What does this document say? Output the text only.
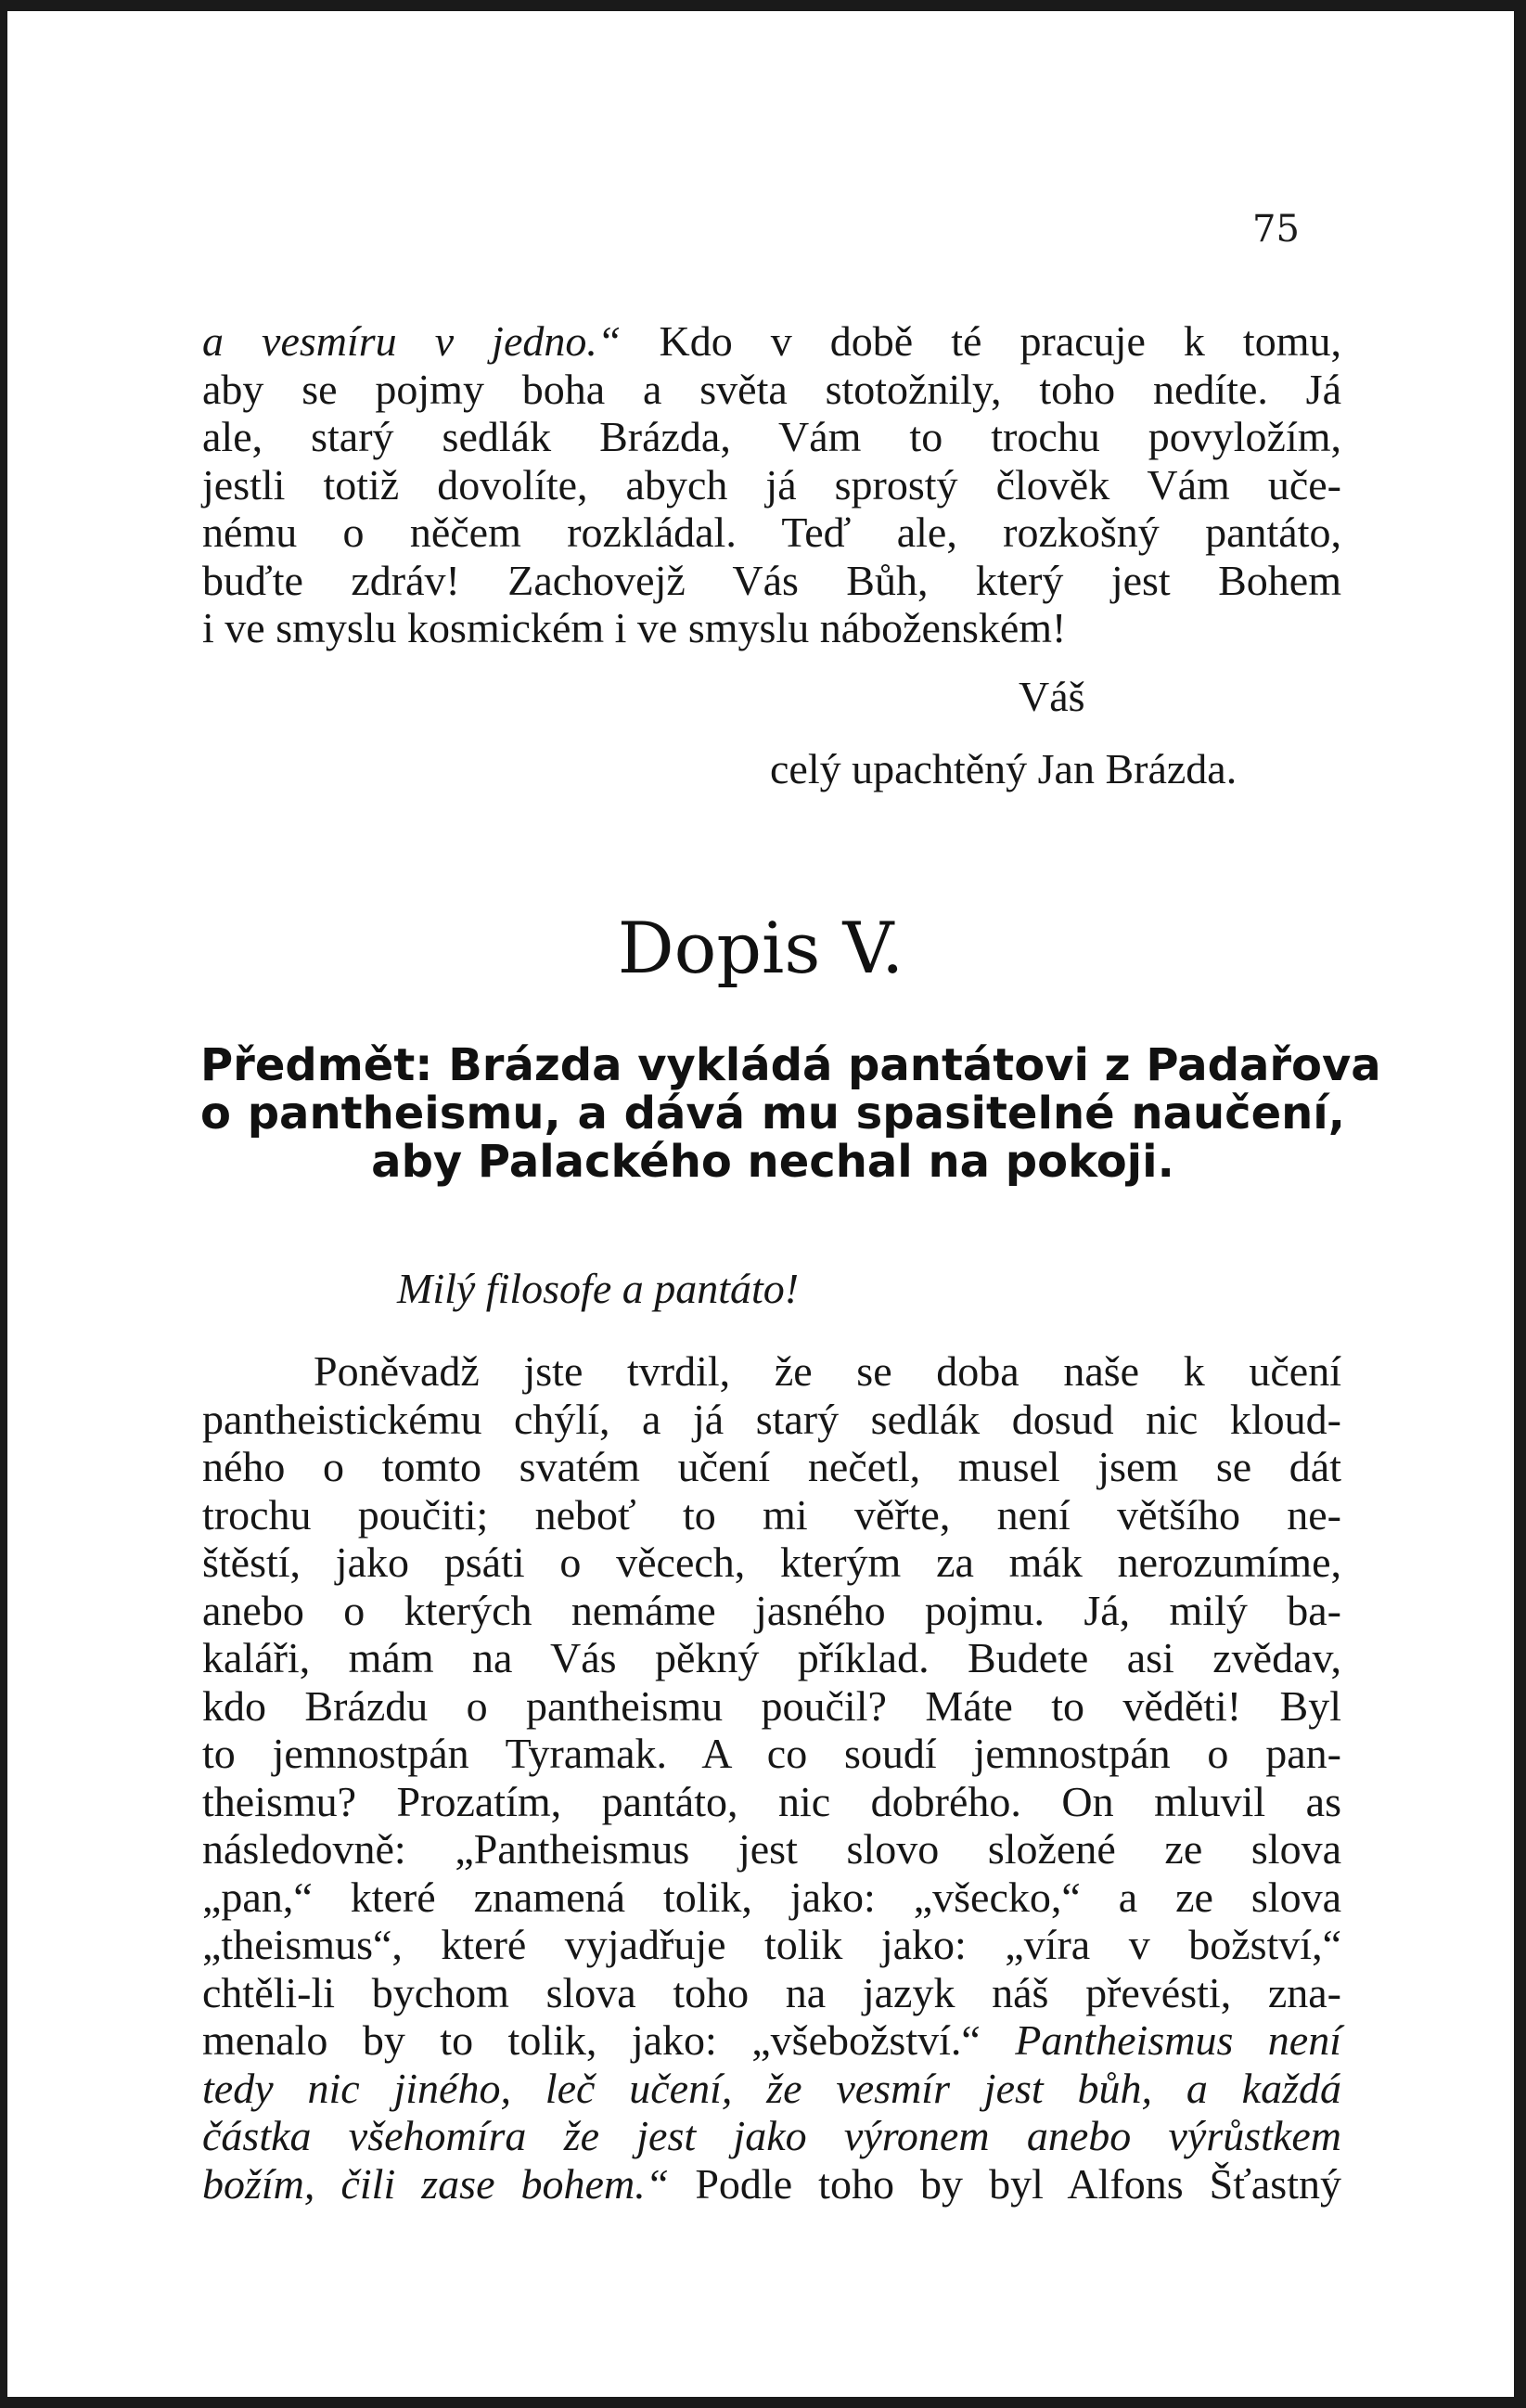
75
a vesmíru v jedno.“ Kdo v době té pracuje k tomu,
aby se pojmy boha a světa stotožnily, toho nedíte. Já
ale, starý sedlák Brázda, Vám to trochu povyložím,
jestli totiž dovolíte, abych já sprostý člověk Vám uče-
nému o něčem rozkládal. Teď ale, rozkošný pantáto,
buďte zdráv! Zachovejž Vás Bůh, který jest Bohem
i ve smyslu kosmickém i ve smyslu náboženském!
Váš
celý upachtěný Jan Brázda.
Dopis V.
Předmět: Brázda vykládá pantátovi z Padařova
o pantheismu, a dává mu spasitelné naučení,
aby Palackého nechal na pokoji.
Milý filosofe a pantáto!
Poněvadž jste tvrdil, že se doba naše k učení
pantheistickému chýlí, a já starý sedlák dosud nic kloud-
ného o tomto svatém učení nečetl, musel jsem se dát
trochu poučiti; neboť to mi věřte, není většího ne-
štěstí, jako psáti o věcech, kterým za mák nerozumíme,
anebo o kterých nemáme jasného pojmu. Já, milý ba-
kaláři, mám na Vás pěkný příklad. Budete asi zvědav,
kdo Brázdu o pantheismu poučil? Máte to věděti! Byl
to jemnostpán Tyramak. A co soudí jemnostpán o pan-
theismu? Prozatím, pantáto, nic dobrého. On mluvil as
následovně: „Pantheismus jest slovo složené ze slova
„pan,“ které znamená tolik, jako: „všecko,“ a ze slova
„theismus“, které vyjadřuje tolik jako: „víra v božství,“
chtěli-li bychom slova toho na jazyk náš převésti, zna-
menalo by to tolik, jako: „všebožství.“ Pantheismus není
tedy nic jiného, leč učení, že vesmír jest bůh, a každá
částka všehomíra že jest jako výronem anebo výrůstkem
božím, čili zase bohem.“ Podle toho by byl Alfons Šťastný
